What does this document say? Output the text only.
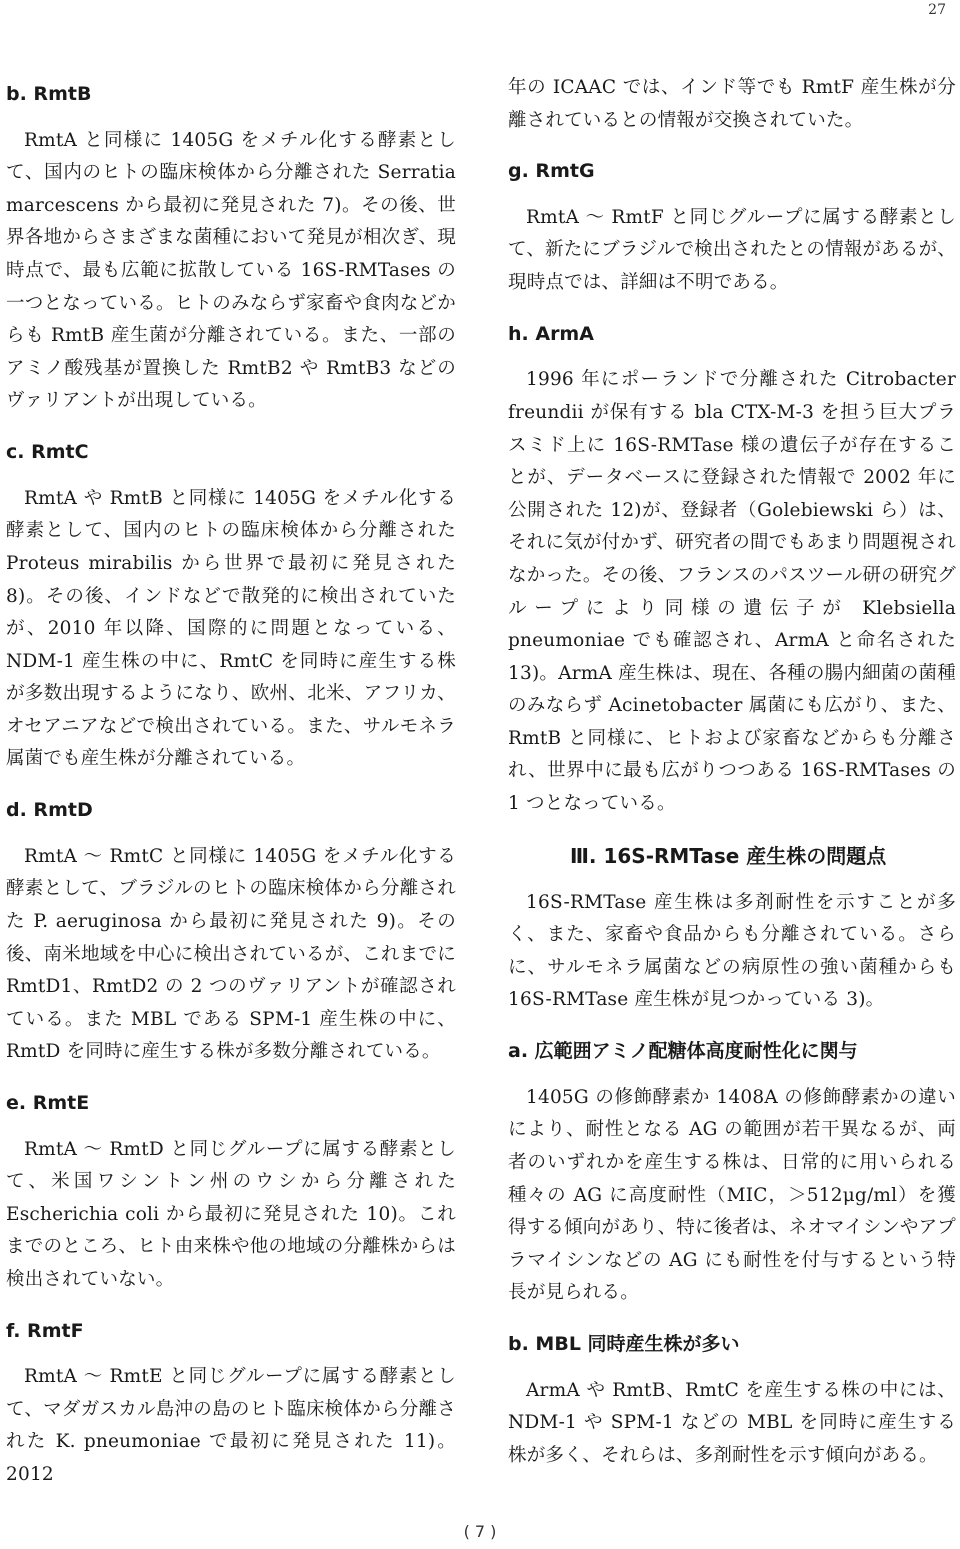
27
b. RmtB

RmtA と同様に 1405G をメチル化する酵素として、国内のヒトの臨床検体から分離された Serratia marcescens から最初に発見された 7)。その後、世界各地からさまざまな菌種において発見が相次ぎ、現時点で、最も広範に拡散している 16S-RMTases の一つとなっている。ヒトのみならず家畜や食肉などからも RmtB 産生菌が分離されている。また、一部のアミノ酸残基が置換した RmtB2 や RmtB3 などのヴァリアントが出現している。

c. RmtC

RmtA や RmtB と同様に 1405G をメチル化する酵素として、国内のヒトの臨床検体から分離された Proteus mirabilis から世界で最初に発見された 8)。その後、インドなどで散発的に検出されていたが、2010 年以降、国際的に問題となっている、NDM-1 産生株の中に、RmtC を同時に産生する株が多数出現するようになり、欧州、北米、アフリカ、オセアニアなどで検出されている。また、サルモネラ属菌でも産生株が分離されている。

d. RmtD

RmtA ～ RmtC と同様に 1405G をメチル化する酵素として、ブラジルのヒトの臨床検体から分離された P. aeruginosa から最初に発見された 9)。その後、南米地域を中心に検出されているが、これまでに RmtD1、RmtD2 の 2 つのヴァリアントが確認されている。また MBL である SPM-1 産生株の中に、RmtD を同時に産生する株が多数分離されている。

e. RmtE

RmtA ～ RmtD と同じグループに属する酵素として、米国ワシントン州のウシから分離された Escherichia coli から最初に発見された 10)。これまでのところ、ヒト由来株や他の地域の分離株からは検出されていない。

f. RmtF

RmtA ～ RmtE と同じグループに属する酵素として、マダガスカル島沖の島のヒト臨床検体から分離された K. pneumoniae で最初に発見された 11)。2012

年の ICAAC では、インド等でも RmtF 産生株が分離されているとの情報が交換されていた。

g. RmtG

RmtA ～ RmtF と同じグループに属する酵素として、新たにブラジルで検出されたとの情報があるが、現時点では、詳細は不明である。

h. ArmA

1996 年にポーランドで分離された Citrobacter freundii が保有する bla CTX-M-3 を担う巨大プラスミド上に 16S-RMTase 様の遺伝子が存在することが、データベースに登録された情報で 2002 年に公開された 12)が、登録者（Golebiewski ら）は、それに気が付かず、研究者の間でもあまり問題視されなかった。その後、フランスのパスツール研の研究グループにより同様の遺伝子が Klebsiella pneumoniae でも確認され、ArmA と命名された 13)。ArmA 産生株は、現在、各種の腸内細菌の菌種のみならず Acinetobacter 属菌にも広がり、また、RmtB と同様に、ヒトおよび家畜などからも分離され、世界中に最も広がりつつある 16S-RMTases の 1 つとなっている。

Ⅲ. 16S-RMTase 産生株の問題点

16S-RMTase 産生株は多剤耐性を示すことが多く、また、家畜や食品からも分離されている。さらに、サルモネラ属菌などの病原性の強い菌種からも 16S-RMTase 産生株が見つかっている 3)。

a. 広範囲アミノ配糖体高度耐性化に関与

1405G の修飾酵素か 1408A の修飾酵素かの違いにより、耐性となる AG の範囲が若干異なるが、両者のいずれかを産生する株は、日常的に用いられる種々の AG に高度耐性（MIC，＞512μg/ml）を獲得する傾向があり、特に後者は、ネオマイシンやアプラマイシンなどの AG にも耐性を付与するという特長が見られる。

b. MBL 同時産生株が多い

ArmA や RmtB、RmtC を産生する株の中には、NDM-1 や SPM-1 などの MBL を同時に産生する株が多く、それらは、多剤耐性を示す傾向がある。

( 7 )
